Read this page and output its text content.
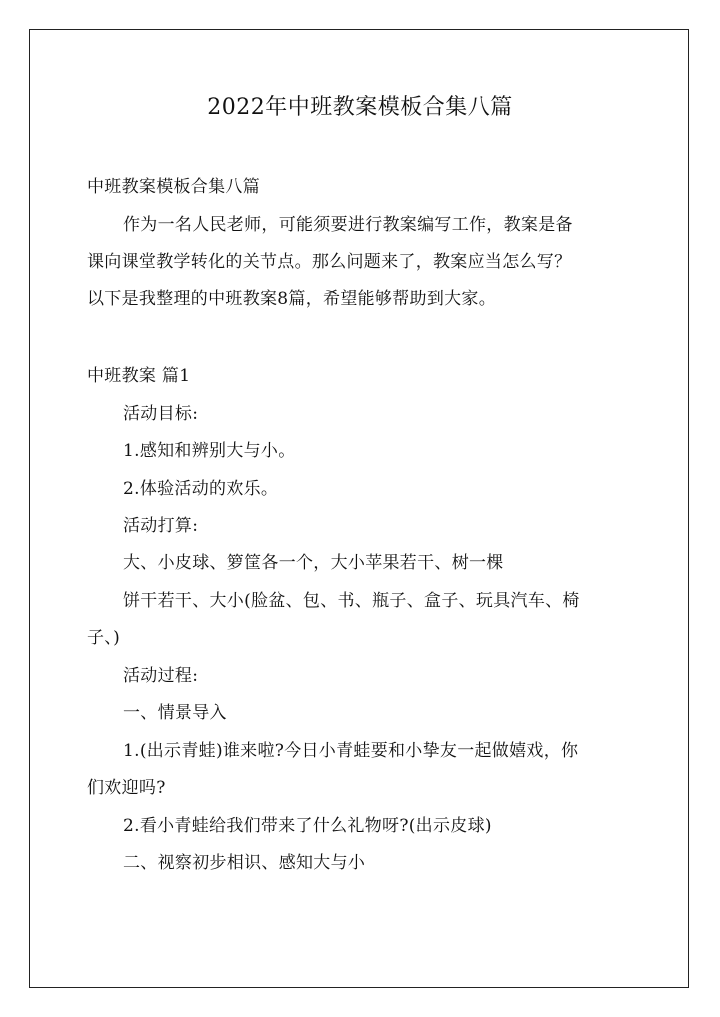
2022年中班教案模板合集八篇
中班教案模板合集八篇
作为一名人民老师，可能须要进行教案编写工作，教案是备
课向课堂教学转化的关节点。那么问题来了，教案应当怎么写？
以下是我整理的中班教案8篇，希望能够帮助到大家。
中班教案 篇1
活动目标:
1.感知和辨别大与小。
2.体验活动的欢乐。
活动打算:
大、小皮球、箩筐各一个，大小苹果若干、树一棵
饼干若干、大小(脸盆、包、书、瓶子、盒子、玩具汽车、椅
子、)
活动过程:
一、情景导入
1.(出示青蛙)谁来啦?今日小青蛙要和小挚友一起做嬉戏，你
们欢迎吗?
2.看小青蛙给我们带来了什么礼物呀?(出示皮球)
二、视察初步相识、感知大与小
